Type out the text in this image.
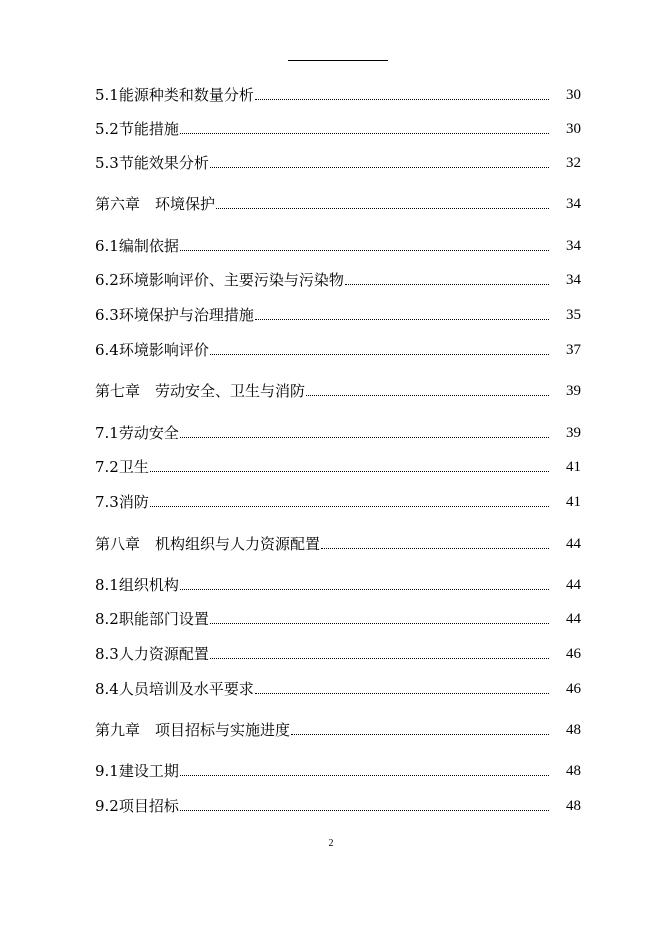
5.1能源种类和数量分析	30
5.2节能措施	30
5.3节能效果分析	32
第六章　环境保护	34
6.1编制依据	34
6.2环境影响评价、主要污染与污染物	34
6.3环境保护与治理措施	35
6.4环境影响评价	37
第七章　劳动安全、卫生与消防	39
7.1劳动安全	39
7.2卫生	41
7.3消防	41
第八章　机构组织与人力资源配置	44
8.1组织机构	44
8.2职能部门设置	44
8.3人力资源配置	46
8.4人员培训及水平要求	46
第九章　项目招标与实施进度	48
9.1建设工期	48
9.2项目招标	48
2
